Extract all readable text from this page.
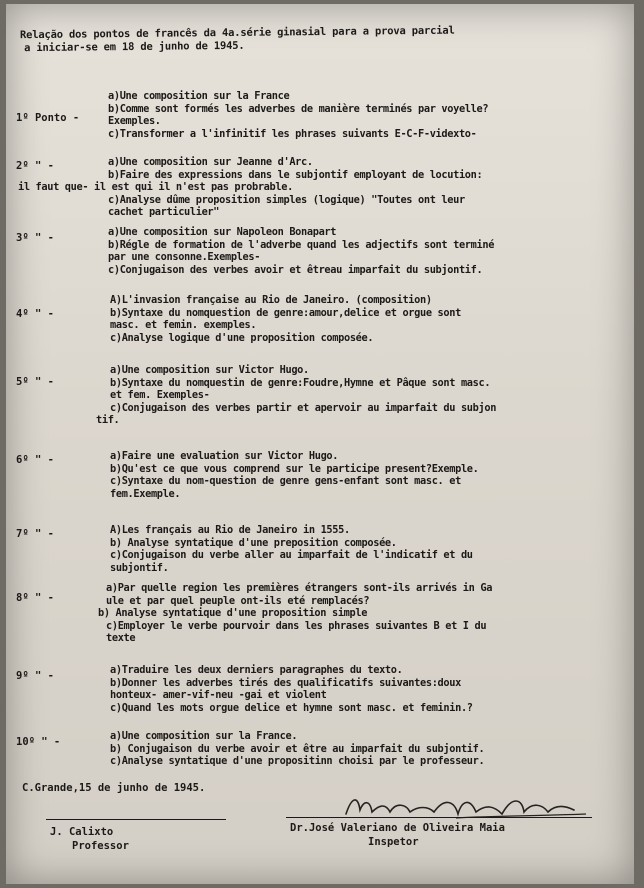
Relação dos pontos de francês da 4a.série ginasial para a prova parcial
a iniciar-se em 18 de junho de 1945.
1º Ponto -
a)Une composition sur la France
b)Comme sont formés les adverbes de manière terminés par voyelle?
Exemples.
c)Transformer a l'infinitif les phrases suivants E-C-F-videxto-
2º " -	a)Une composition sur Jeanne d'Arc.
b)Faire des expressions dans le subjontif employant de locution:
il faut que- il est qui il n'est pas probrable.
c)Analyse dûme proposition simples (logique) "Toutes ont leur
cachet particulier"
3º " -	a)Une composition sur Napoleon Bonapart
b)Régle de formation de l'adverbe quand les adjectifs sont terminé
par une consonne.Exemples-
c)Conjugaison des verbes avoir et êtreau imparfait du subjontif.
4º " -
A)L'invasion française au Rio de Janeiro. (composition)
b)Syntaxe du nomquestion de genre:amour,delice et orgue sont
masc. et femin. exemples.
c)Analyse logique d'une proposition composée.
5º " -
a)Une composition sur Victor Hugo.
b)Syntaxe du nomquestin de genre:Foudre,Hymne et Pâque sont masc.
et fem. Exemples-
c)Conjugaison des verbes partir et apervoir au imparfait du subjon
tif.
6º " -	a)Faire une evaluation sur Victor Hugo.
b)Qu'est ce que vous comprend sur le participe present?Exemple.
c)Syntaxe du nom-question de genre gens-enfant sont masc. et
fem.Exemple.
7º " -	A)Les français au Rio de Janeiro in 1555.
b) Analyse syntatique d'une preposition composée.
c)Conjugaison du verbe aller au imparfait de l'indicatif et du
subjontif.
8º " -
a)Par quelle region les premières étrangers sont-ils arrivés in Ga
ule et par quel peuple ont-ils eté remplacés?
b) Analyse syntatique d'une proposition simple
c)Employer le verbe pourvoir dans les phrases suivantes B et I du
texte
9º " -	a)Traduire les deux derniers paragraphes du texto.
b)Donner les adverbes tirés des qualificatifs suivantes:doux
honteux- amer-vif-neu -gai et violent
c)Quand les mots orgue delice et hymne sont masc. et feminin.?
10º " -	a)Une composition sur la France.
b) Conjugaison du verbe avoir et être au imparfait du subjontif.
c)Analyse syntatique d'une propositinn choisi par le professeur.
C.Grande,15 de junho de 1945.
J. Calixto
Professor
Dr.José Valeriano de Oliveira Maia
Inspetor
